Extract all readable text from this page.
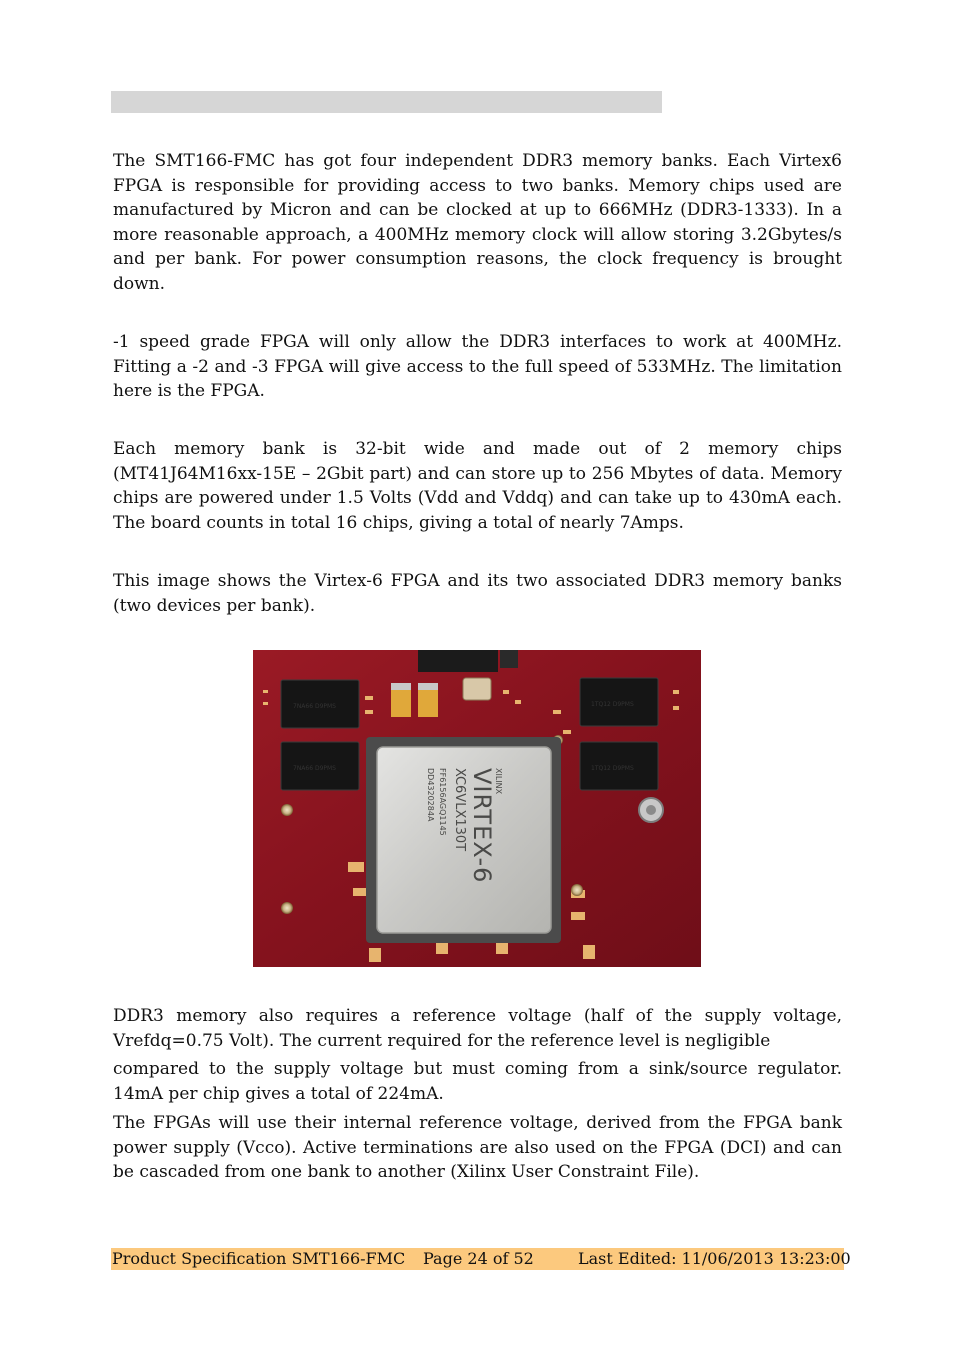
The SMT166-FMC has got four independent DDR3 memory banks. Each Virtex6 FPGA is responsible for providing access to two banks. Memory chips used are manufactured by Micron and can be clocked at up to 666MHz (DDR3-1333). In a more reasonable approach, a 400MHz memory clock will allow storing 3.2Gbytes/s and per bank. For power consumption reasons, the clock frequency is brought down.

-1 speed grade FPGA will only allow the DDR3 interfaces to work at 400MHz. Fitting a -2 and -3 FPGA will give access to the full speed of 533MHz. The limitation here is the FPGA.

Each memory bank is 32-bit wide and made out of 2 memory chips (MT41J64M16xx-15E – 2Gbit part) and can store up to 256 Mbytes of data. Memory chips are powered under 1.5 Volts (Vdd and Vddq) and can take up to 430mA each. The board counts in total 16 chips, giving a total of nearly 7Amps.

This image shows the Virtex-6 FPGA and its two associated DDR3 memory banks (two devices per bank).

7NA66 D9PMS
7NA66 D9PMS
1TQ12 D9PMS
1TQ12 D9PMS
XILINX
VIRTEX-6
XC6VLX130T
FF6156AGQ1145
DD4320284A

DDR3 memory also requires a reference voltage (half of the supply voltage, Vrefdq=0.75 Volt). The current required for the reference level is negligible

compared to the supply voltage but must coming from a sink/source regulator. 14mA per chip gives a total of 224mA.

The FPGAs will use their internal reference voltage, derived from the FPGA bank power supply (Vcco). Active terminations are also used on the FPGA (DCI) and can be cascaded from one bank to another (Xilinx User Constraint File).

Product Specification SMT166-FMC Page 24 of 52	Last Edited: 11/06/2013 13:23:00
